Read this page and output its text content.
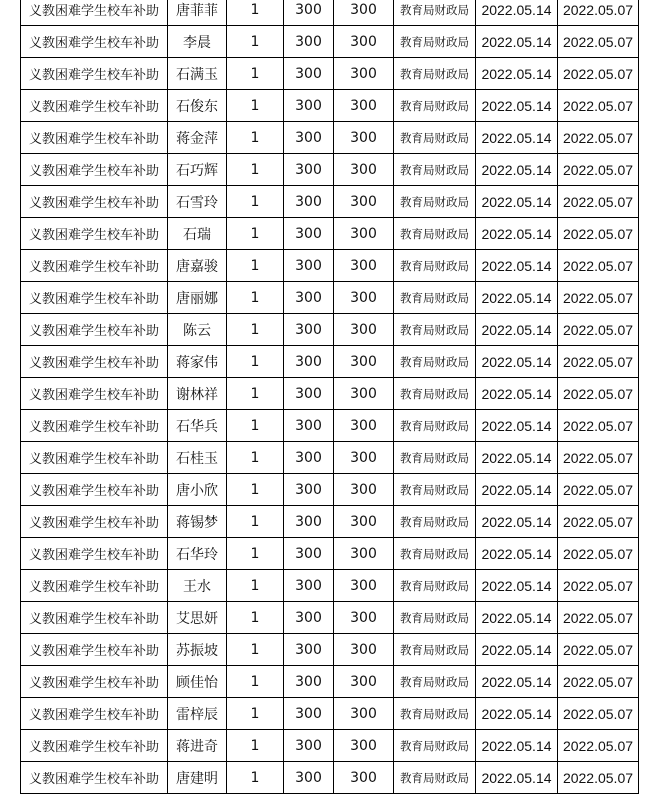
义教困难学生校车补助	唐菲菲	1	300	300	教育局财政局	2022.05.14	2022.05.07
义教困难学生校车补助	李晨	1	300	300	教育局财政局	2022.05.14	2022.05.07
义教困难学生校车补助	石满玉	1	300	300	教育局财政局	2022.05.14	2022.05.07
义教困难学生校车补助	石俊东	1	300	300	教育局财政局	2022.05.14	2022.05.07
义教困难学生校车补助	蒋金萍	1	300	300	教育局财政局	2022.05.14	2022.05.07
义教困难学生校车补助	石巧辉	1	300	300	教育局财政局	2022.05.14	2022.05.07
义教困难学生校车补助	石雪玲	1	300	300	教育局财政局	2022.05.14	2022.05.07
义教困难学生校车补助	石瑞	1	300	300	教育局财政局	2022.05.14	2022.05.07
义教困难学生校车补助	唐嘉骏	1	300	300	教育局财政局	2022.05.14	2022.05.07
义教困难学生校车补助	唐丽娜	1	300	300	教育局财政局	2022.05.14	2022.05.07
义教困难学生校车补助	陈云	1	300	300	教育局财政局	2022.05.14	2022.05.07
义教困难学生校车补助	蒋家伟	1	300	300	教育局财政局	2022.05.14	2022.05.07
义教困难学生校车补助	谢林祥	1	300	300	教育局财政局	2022.05.14	2022.05.07
义教困难学生校车补助	石华兵	1	300	300	教育局财政局	2022.05.14	2022.05.07
义教困难学生校车补助	石桂玉	1	300	300	教育局财政局	2022.05.14	2022.05.07
义教困难学生校车补助	唐小欣	1	300	300	教育局财政局	2022.05.14	2022.05.07
义教困难学生校车补助	蒋锡梦	1	300	300	教育局财政局	2022.05.14	2022.05.07
义教困难学生校车补助	石华玲	1	300	300	教育局财政局	2022.05.14	2022.05.07
义教困难学生校车补助	王水	1	300	300	教育局财政局	2022.05.14	2022.05.07
义教困难学生校车补助	艾思妍	1	300	300	教育局财政局	2022.05.14	2022.05.07
义教困难学生校车补助	苏振坡	1	300	300	教育局财政局	2022.05.14	2022.05.07
义教困难学生校车补助	顾佳怡	1	300	300	教育局财政局	2022.05.14	2022.05.07
义教困难学生校车补助	雷梓辰	1	300	300	教育局财政局	2022.05.14	2022.05.07
义教困难学生校车补助	蒋进奇	1	300	300	教育局财政局	2022.05.14	2022.05.07
义教困难学生校车补助	唐建明	1	300	300	教育局财政局	2022.05.14	2022.05.07
